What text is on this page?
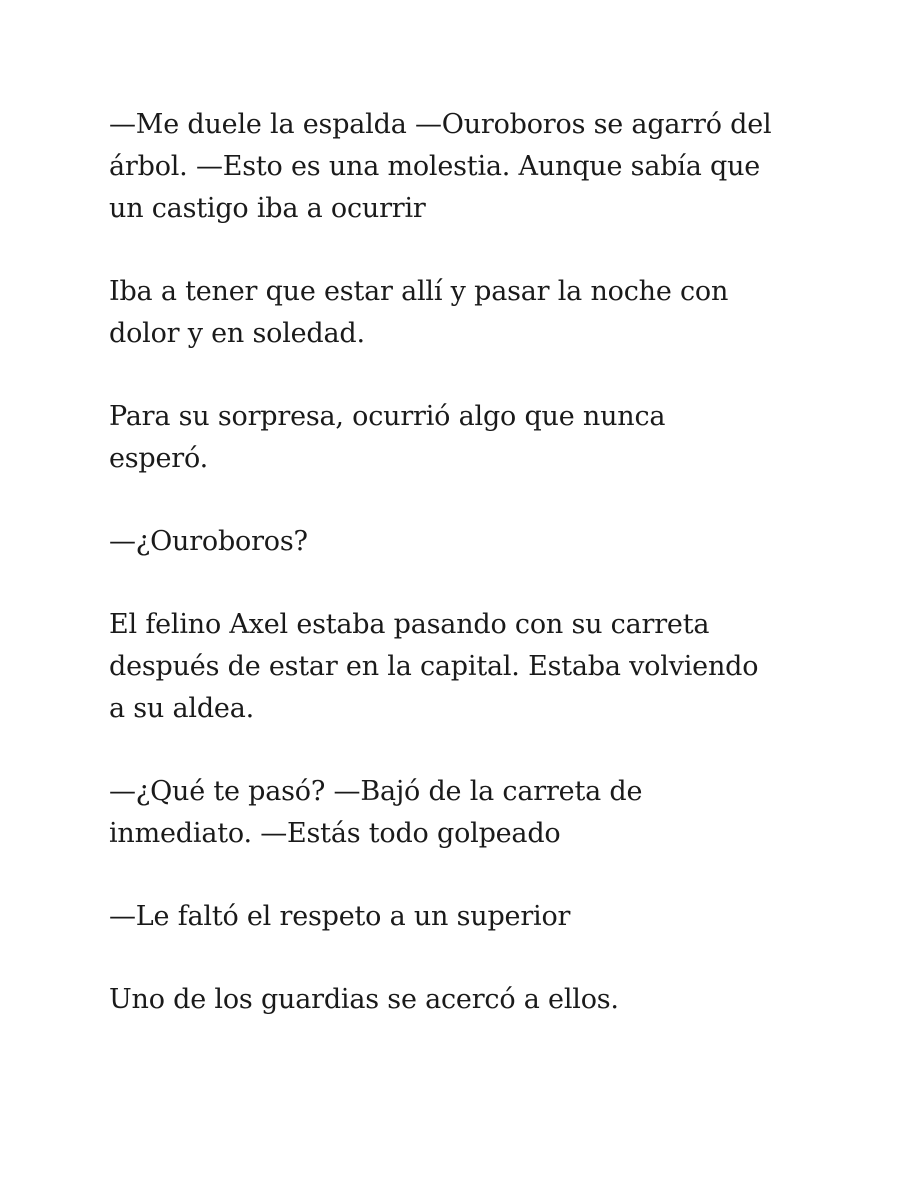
—Me duele la espalda —Ouroboros se agarró del
árbol. —Esto es una molestia. Aunque sabía que
un castigo iba a ocurrir

Iba a tener que estar allí y pasar la noche con
dolor y en soledad.

Para su sorpresa, ocurrió algo que nunca
esperó.

—¿Ouroboros?

El felino Axel estaba pasando con su carreta
después de estar en la capital. Estaba volviendo
a su aldea.

—¿Qué te pasó? —Bajó de la carreta de
inmediato. —Estás todo golpeado

—Le faltó el respeto a un superior

Uno de los guardias se acercó a ellos.
